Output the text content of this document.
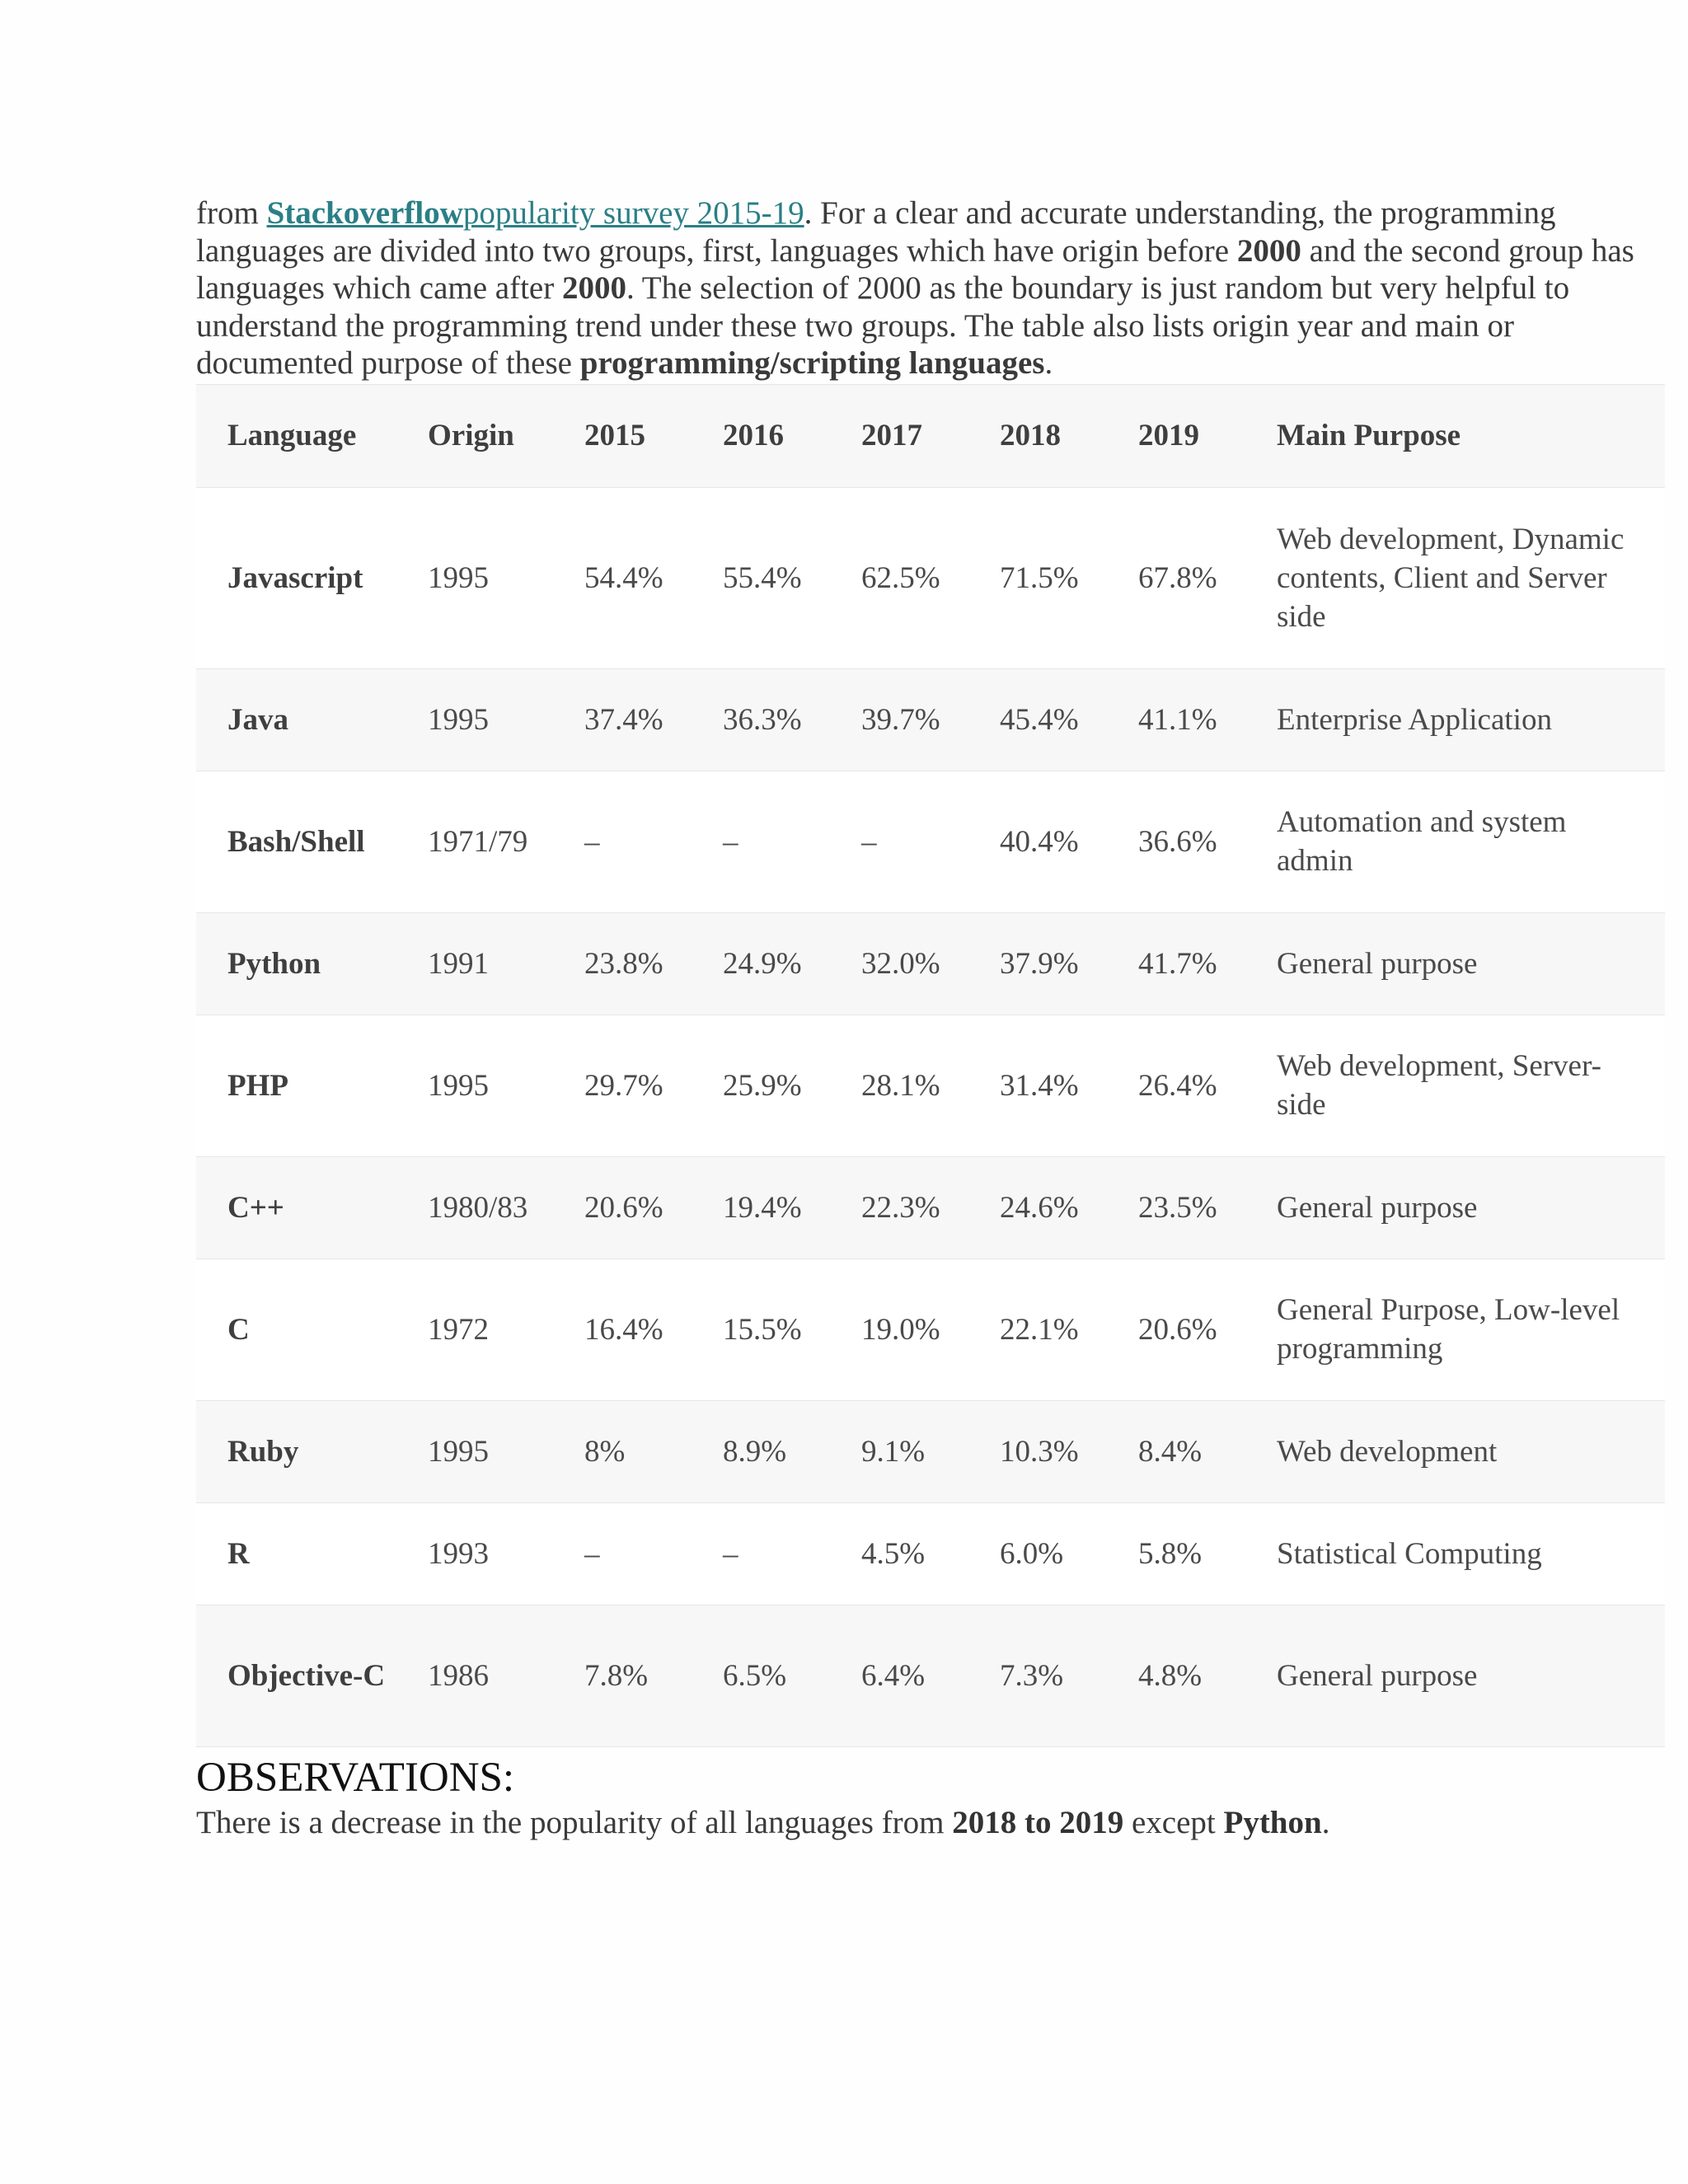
from Stackoverflowpopularity survey 2015-19. For a clear and accurate understanding, the programming languages are divided into two groups, first, languages which have origin before 2000 and the second group has languages which came after 2000. The selection of 2000 as the boundary is just random but very helpful to understand the programming trend under these two groups. The table also lists origin year and main or documented purpose of these programming/scripting languages.

Language	Origin	2015	2016	2017	2018	2019	Main Purpose
Javascript	1995	54.4%	55.4%	62.5%	71.5%	67.8%	Web development, Dynamic contents, Client and Server side
Java	1995	37.4%	36.3%	39.7%	45.4%	41.1%	Enterprise Application
Bash/Shell	1971/79	–	–	–	40.4%	36.6%	Automation and system admin
Python	1991	23.8%	24.9%	32.0%	37.9%	41.7%	General purpose
PHP	1995	29.7%	25.9%	28.1%	31.4%	26.4%	Web development, Server-side
C++	1980/83	20.6%	19.4%	22.3%	24.6%	23.5%	General purpose
C	1972	16.4%	15.5%	19.0%	22.1%	20.6%	General Purpose, Low-level programming
Ruby	1995	8%	8.9%	9.1%	10.3%	8.4%	Web development
R	1993	–	–	4.5%	6.0%	5.8%	Statistical Computing
Objective-C	1986	7.8%	6.5%	6.4%	7.3%	4.8%	General purpose
OBSERVATIONS:

There is a decrease in the popularity of all languages from 2018 to 2019 except Python.
